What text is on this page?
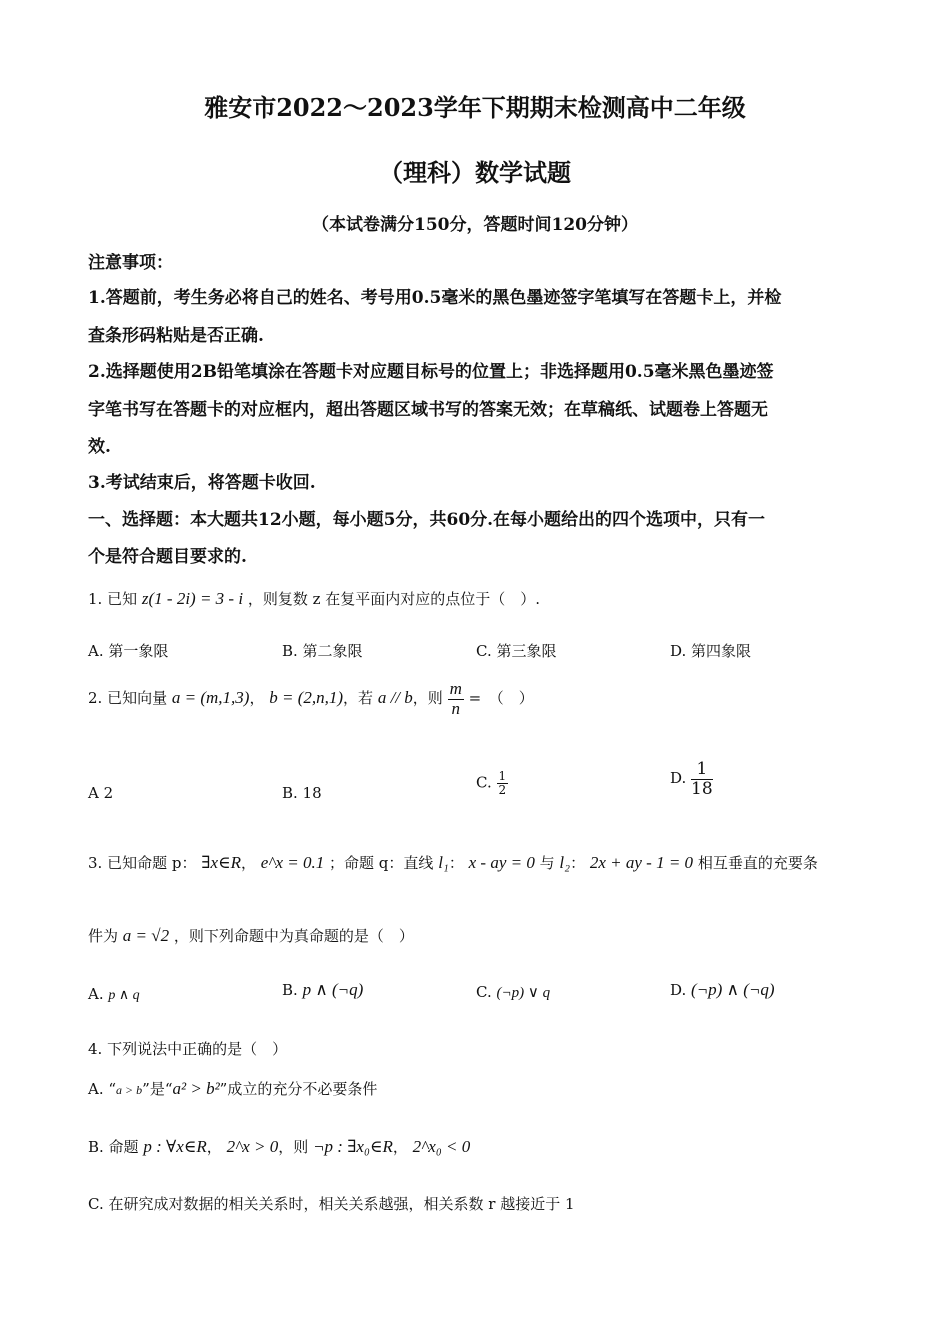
雅安市2022～2023学年下期期末检测高中二年级
（理科）数学试题
（本试卷满分150分，答题时间120分钟）
注意事项：
1.答题前，考生务必将自己的姓名、考号用0.5毫米的黑色墨迹签字笔填写在答题卡上，并检
查条形码粘贴是否正确.
2.选择题使用2B铅笔填涂在答题卡对应题目标号的位置上；非选择题用0.5毫米黑色墨迹签
字笔书写在答题卡的对应框内，超出答题区域书写的答案无效；在草稿纸、试题卷上答题无
效.
3.考试结束后，将答题卡收回.
一、选择题：本大题共12小题，每小题5分，共60分.在每小题给出的四个选项中，只有一
个是符合题目要求的.
1. 已知 z(1 - 2i) = 3 - i ，则复数 z 在复平面内对应的点位于（　）.
A. 第一象限	B. 第二象限	C. 第三象限	D. 第四象限
2. 已知向量 a = (m,1,3)， b = (2,n,1)，若 a // b，则 $\frac{m}{n}$ =　（　）
A 2	B. 18
C. $\frac{1}{2}$	D. $\frac{1}{18}$
3. 已知命题 p： ∃x∈R， e^x = 0.1 ；命题 q：直线 l₁： x - ay = 0 与 l₂： 2x + ay - 1 = 0 相互垂直的充要条
件为 a = √2 ，则下列命题中为真命题的是（　）
A. p ∧ q	B. p ∧ (¬q)	C. (¬p) ∨ q	D. (¬p) ∧ (¬q)
4. 下列说法中正确的是（　）
A. “a > b”是“a² > b²”成立的充分不必要条件
B. 命题 p : ∀x∈R， 2^x > 0，则 ¬p : ∃x₀∈R， 2^x₀ < 0
C. 在研究成对数据的相关关系时，相关关系越强，相关系数 r 越接近于 1
